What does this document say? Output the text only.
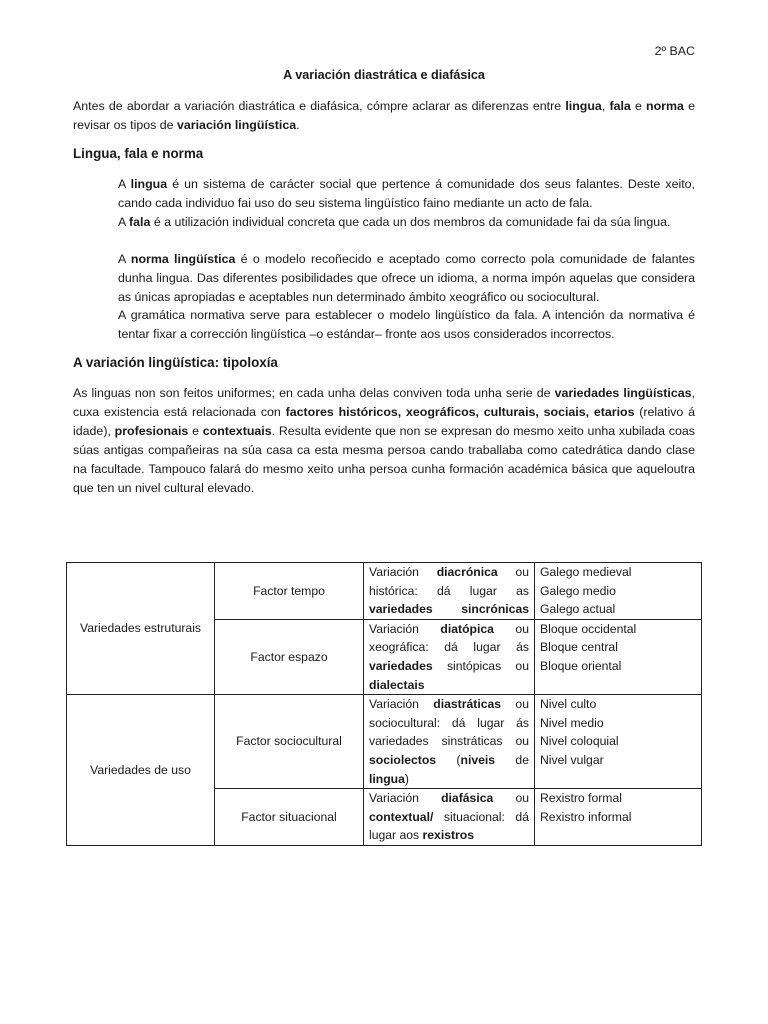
2º BAC
A variación diastrática e diafásica

Antes de abordar a variación diastrática e diafásica, cómpre aclarar as diferenzas entre lingua, fala e norma e revisar os tipos de variación lingüística.

Lingua, fala e norma

A lingua é un sistema de carácter social que pertence á comunidade dos seus falantes. Deste xeito, cando cada individuo fai uso do seu sistema lingüístico faino mediante un acto de fala.

A fala é a utilización individual concreta que cada un dos membros da comunidade fai da súa lingua.

A norma lingüística é o modelo recoñecido e aceptado como correcto pola comunidade de falantes dunha lingua. Das diferentes posibilidades que ofrece un idioma, a norma impón aquelas que considera as únicas apropiadas e aceptables nun determinado ámbito xeográfico ou sociocultural.

A gramática normativa serve para establecer o modelo lingüístico da fala. A intención da normativa é tentar fixar a corrección lingüística –o estándar– fronte aos usos considerados incorrectos.

A variación lingüística: tipoloxía

As linguas non son feitos uniformes; en cada unha delas conviven toda unha serie de variedades lingüísticas, cuxa existencia está relacionada con factores históricos, xeográficos, culturais, sociais, etarios (relativo á idade), profesionais e contextuais. Resulta evidente que non se expresan do mesmo xeito unha xubilada coas súas antigas compañeiras na súa casa ca esta mesma persoa cando traballaba como catedrática dando clase na facultade. Tampouco falará do mesmo xeito unha persoa cunha formación académica básica que aqueloutra que ten un nivel cultural elevado.

Variedades estruturais	Factor tempo	Variación diacrónica ou histórica: dá lugar as variedades sincrónicas	Galego medieval
Galego medio
Galego actual

	Factor espazo	Variación diatópica ou xeográfica: dá lugar ás variedades sintópicas ou dialectais	Bloque occidental
Bloque central
Bloque oriental

Variedades de uso	Factor sociocultural	Variación diastráticas ou sociocultural: dá lugar ás variedades sinstráticas ou sociolectos (niveis de lingua)	Nivel culto
Nivel medio
Nivel coloquial
Nivel vulgar

	Factor situacional	Variación diafásica ou contextual/ situacional: dá lugar aos rexistros	Rexistro formal
Rexistro informal
